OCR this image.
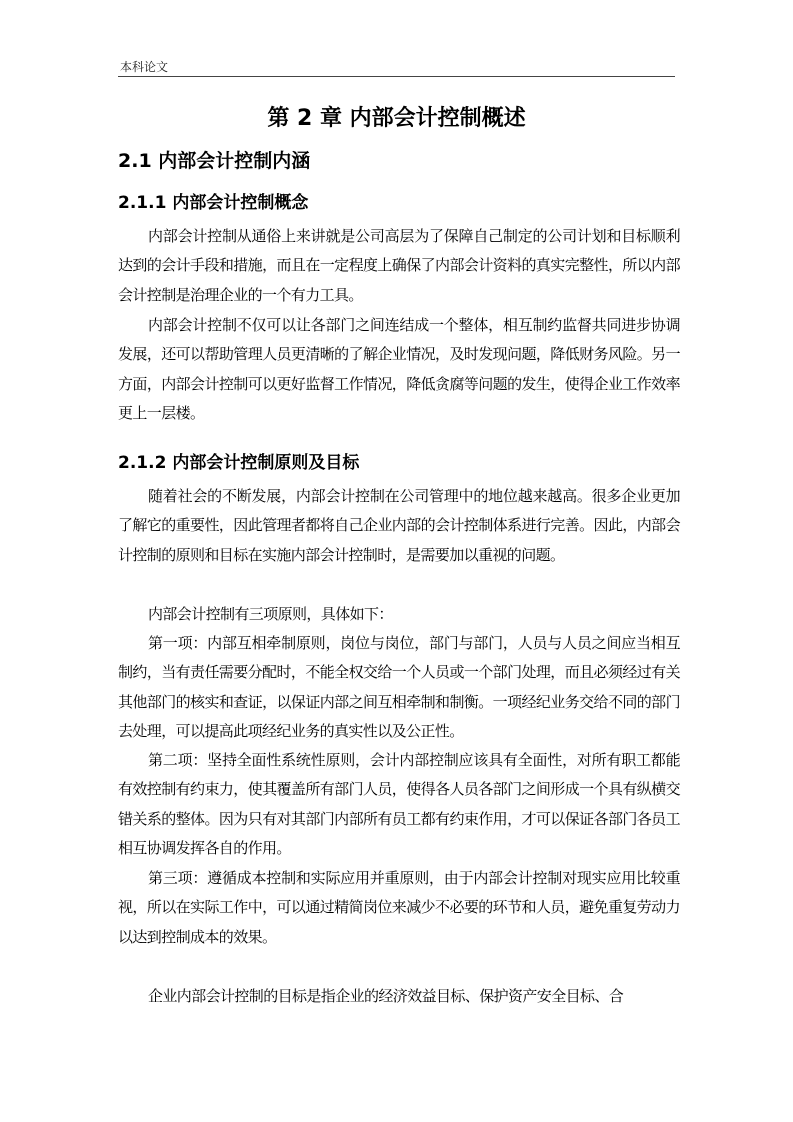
本科论文
第 2 章 内部会计控制概述
2.1 内部会计控制内涵
2.1.1 内部会计控制概念

内部会计控制从通俗上来讲就是公司高层为了保障自己制定的公司计划和目标顺利达到的会计手段和措施，而且在一定程度上确保了内部会计资料的真实完整性，所以内部会计控制是治理企业的一个有力工具。

内部会计控制不仅可以让各部门之间连结成一个整体，相互制约监督共同进步协调发展，还可以帮助管理人员更清晰的了解企业情况，及时发现问题，降低财务风险。另一方面，内部会计控制可以更好监督工作情况，降低贪腐等问题的发生，使得企业工作效率更上一层楼。

2.1.2 内部会计控制原则及目标

随着社会的不断发展，内部会计控制在公司管理中的地位越来越高。很多企业更加了解它的重要性，因此管理者都将自己企业内部的会计控制体系进行完善。因此，内部会计控制的原则和目标在实施内部会计控制时，是需要加以重视的问题。

内部会计控制有三项原则，具体如下：

第一项：内部互相牵制原则，岗位与岗位，部门与部门，人员与人员之间应当相互制约，当有责任需要分配时，不能全权交给一个人员或一个部门处理，而且必须经过有关其他部门的核实和查证，以保证内部之间互相牵制和制衡。一项经纪业务交给不同的部门去处理，可以提高此项经纪业务的真实性以及公正性。

第二项：坚持全面性系统性原则，会计内部控制应该具有全面性，对所有职工都能有效控制有约束力，使其覆盖所有部门人员，使得各人员各部门之间形成一个具有纵横交错关系的整体。因为只有对其部门内部所有员工都有约束作用，才可以保证各部门各员工相互协调发挥各自的作用。

第三项：遵循成本控制和实际应用并重原则，由于内部会计控制对现实应用比较重视，所以在实际工作中，可以通过精简岗位来减少不必要的环节和人员，避免重复劳动力以达到控制成本的效果。

企业内部会计控制的目标是指企业的经济效益目标、保护资产安全目标、合
